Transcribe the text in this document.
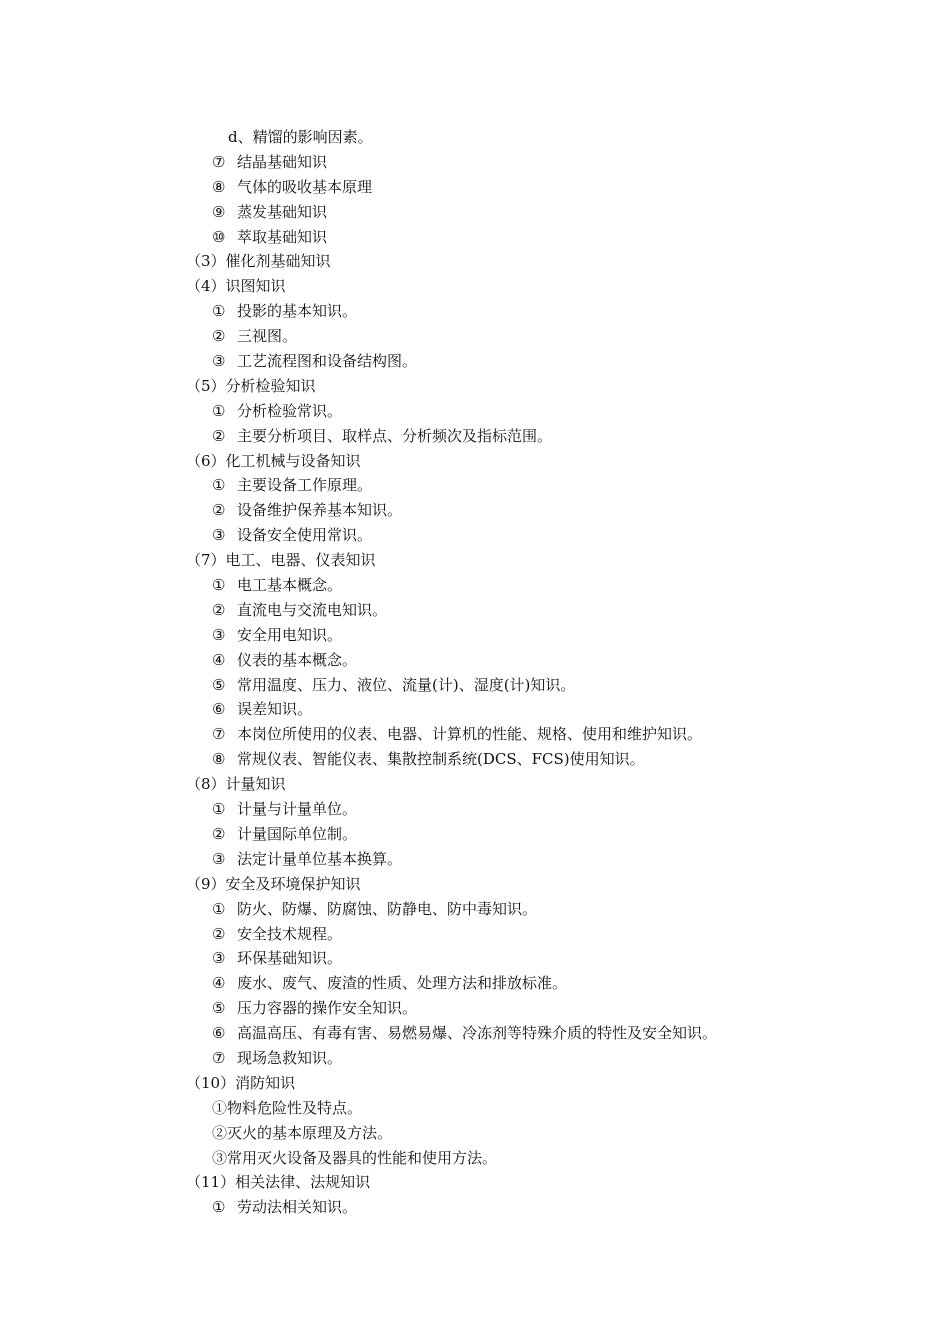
d、精馏的影响因素。
⑦ 结晶基础知识
⑧ 气体的吸收基本原理
⑨ 蒸发基础知识
⑩ 萃取基础知识
（3）催化剂基础知识
（4）识图知识
① 投影的基本知识。
② 三视图。
③ 工艺流程图和设备结构图。
（5）分析检验知识
① 分析检验常识。
② 主要分析项目、取样点、分析频次及指标范围。
（6）化工机械与设备知识
① 主要设备工作原理。
② 设备维护保养基本知识。
③ 设备安全使用常识。
（7）电工、电器、仪表知识
① 电工基本概念。
② 直流电与交流电知识。
③ 安全用电知识。
④ 仪表的基本概念。
⑤ 常用温度、压力、液位、流量(计)、湿度(计)知识。
⑥ 误差知识。
⑦ 本岗位所使用的仪表、电器、计算机的性能、规格、使用和维护知识。
⑧ 常规仪表、智能仪表、集散控制系统(DCS、FCS)使用知识。
（8）计量知识
① 计量与计量单位。
② 计量国际单位制。
③ 法定计量单位基本换算。
（9）安全及环境保护知识
① 防火、防爆、防腐蚀、防静电、防中毒知识。
② 安全技术规程。
③ 环保基础知识。
④ 废水、废气、废渣的性质、处理方法和排放标准。
⑤ 压力容器的操作安全知识。
⑥ 高温高压、有毒有害、易燃易爆、冷冻剂等特殊介质的特性及安全知识。
⑦ 现场急救知识。
（10）消防知识
①物料危险性及特点。
②灭火的基本原理及方法。
③常用灭火设备及器具的性能和使用方法。
（11）相关法律、法规知识
① 劳动法相关知识。
